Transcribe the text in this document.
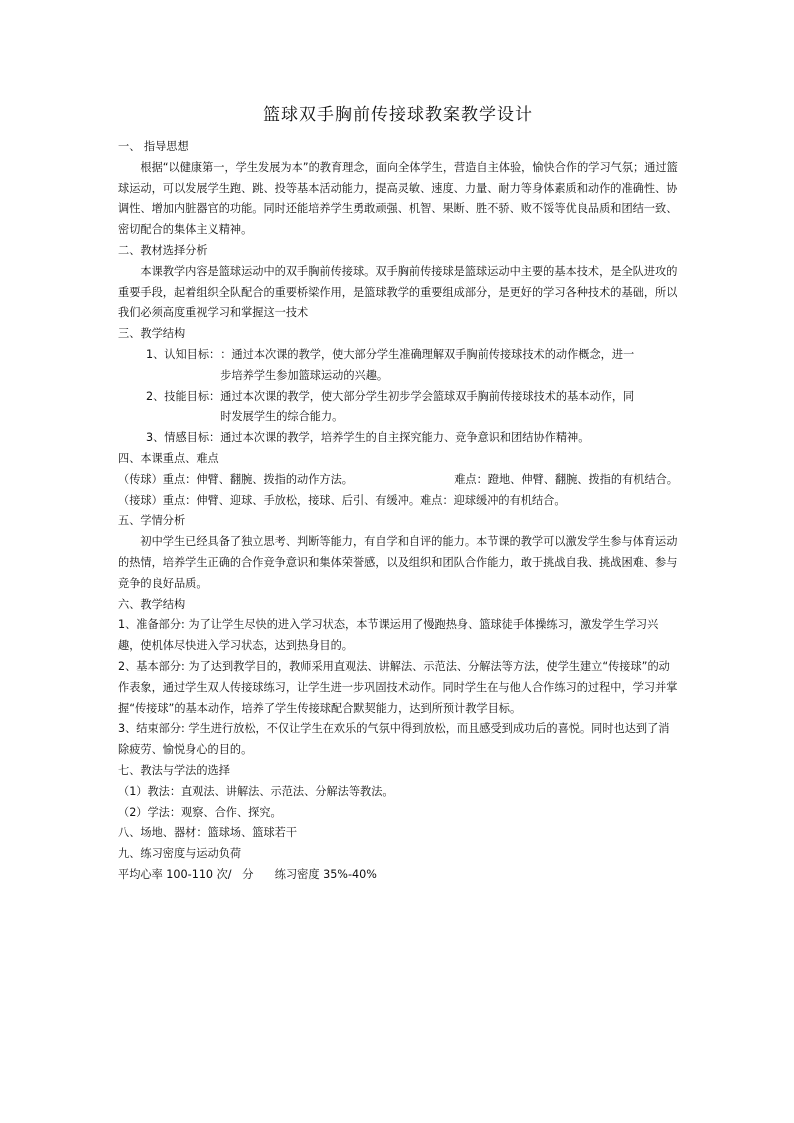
篮球双手胸前传接球教案教学设计

一、 指导思想

根据“以健康第一，学生发展为本”的教育理念，面向全体学生，营造自主体验，愉快合作的学习气氛；通过篮球运动，可以发展学生跑、跳、投等基本活动能力，提高灵敏、速度、力量、耐力等身体素质和动作的准确性、协调性、增加内脏器官的功能。同时还能培养学生勇敢顽强、机智、果断、胜不骄、败不馁等优良品质和团结一致、密切配合的集体主义精神。

二、教材选择分析

本课教学内容是篮球运动中的双手胸前传接球。双手胸前传接球是篮球运动中主要的基本技术，是全队进攻的重要手段，起着组织全队配合的重要桥梁作用，是篮球教学的重要组成部分，是更好的学习各种技术的基础，所以我们必须高度重视学习和掌握这一技术

三、教学结构

1、认知目标： ：通过本次课的教学，使大部分学生准确理解双手胸前传接球技术的动作概念，进一
步培养学生参加篮球运动的兴趣。
2、技能目标： 通过本次课的教学，使大部分学生初步学会篮球双手胸前传接球技术的基本动作，同
时发展学生的综合能力。

3、情感目标：通过本次课的教学，培养学生的自主探究能力、竞争意识和团结协作精神。

四、本课重点、难点

（传球）重点：伸臂、翻腕、拨指的动作方法。	难点：蹬地、伸臂、翻腕、拨指的有机结合。

（接球）重点：伸臂、迎球、手放松，接球、后引、有缓冲。难点：迎球缓冲的有机结合。

五、学情分析

初中学生已经具备了独立思考、判断等能力，有自学和自评的能力。本节课的教学可以激发学生参与体育运动的热情，培养学生正确的合作竞争意识和集体荣誉感，以及组织和团队合作能力，敢于挑战自我、挑战困难、参与竞争的良好品质。

六、教学结构

1、准备部分: 为了让学生尽快的进入学习状态，本节课运用了慢跑热身、篮球徒手体操练习，激发学生学习兴趣，使机体尽快进入学习状态，达到热身目的。

2、基本部分: 为了达到教学目的，教师采用直观法、讲解法、示范法、分解法等方法，使学生建立“传接球”的动作表象，通过学生双人传接球练习，让学生进一步巩固技术动作。同时学生在与他人合作练习的过程中，学习并掌握“传接球”的基本动作，培养了学生传接球配合默契能力，达到所预计教学目标。

3、结束部分: 学生进行放松，不仅让学生在欢乐的气氛中得到放松，而且感受到成功后的喜悦。同时也达到了消除疲劳、愉悦身心的目的。

七、教法与学法的选择

（1）教法：直观法、讲解法、示范法、分解法等教法。

（2）学法：观察、合作、探究。

八、场地、器材：篮球场、篮球若干

九、练习密度与运动负荷

平均心率 100-110 次/   分 练习密度 35%-40%
